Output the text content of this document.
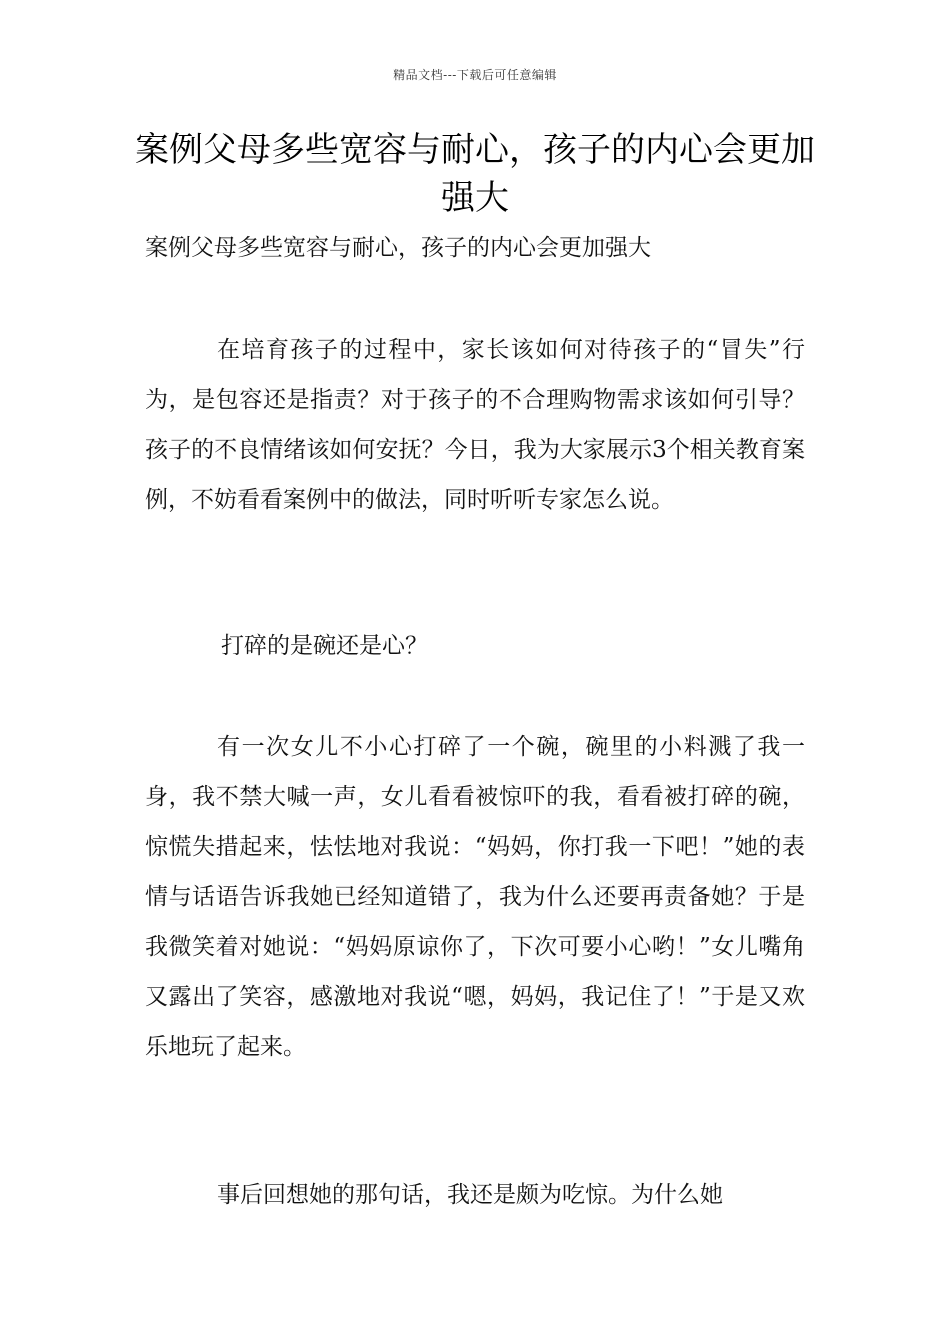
精品文档---下载后可任意编辑
案例父母多些宽容与耐心，孩子的内心会更加强大

案例父母多些宽容与耐心，孩子的内心会更加强大

在培育孩子的过程中，家长该如何对待孩子的“冒失”行为，是包容还是指责？对于孩子的不合理购物需求该如何引导？孩子的不良情绪该如何安抚？今日，我为大家展示3个相关教育案例，不妨看看案例中的做法，同时听听专家怎么说。

打碎的是碗还是心？

有一次女儿不小心打碎了一个碗，碗里的小料溅了我一身，我不禁大喊一声，女儿看看被惊吓的我，看看被打碎的碗，惊慌失措起来，怯怯地对我说：“妈妈，你打我一下吧！”她的表情与话语告诉我她已经知道错了，我为什么还要再责备她？于是我微笑着对她说：“妈妈原谅你了，下次可要小心哟！”女儿嘴角又露出了笑容，感激地对我说“嗯，妈妈，我记住了！”于是又欢乐地玩了起来。

事后回想她的那句话，我还是颇为吃惊。为什么她
